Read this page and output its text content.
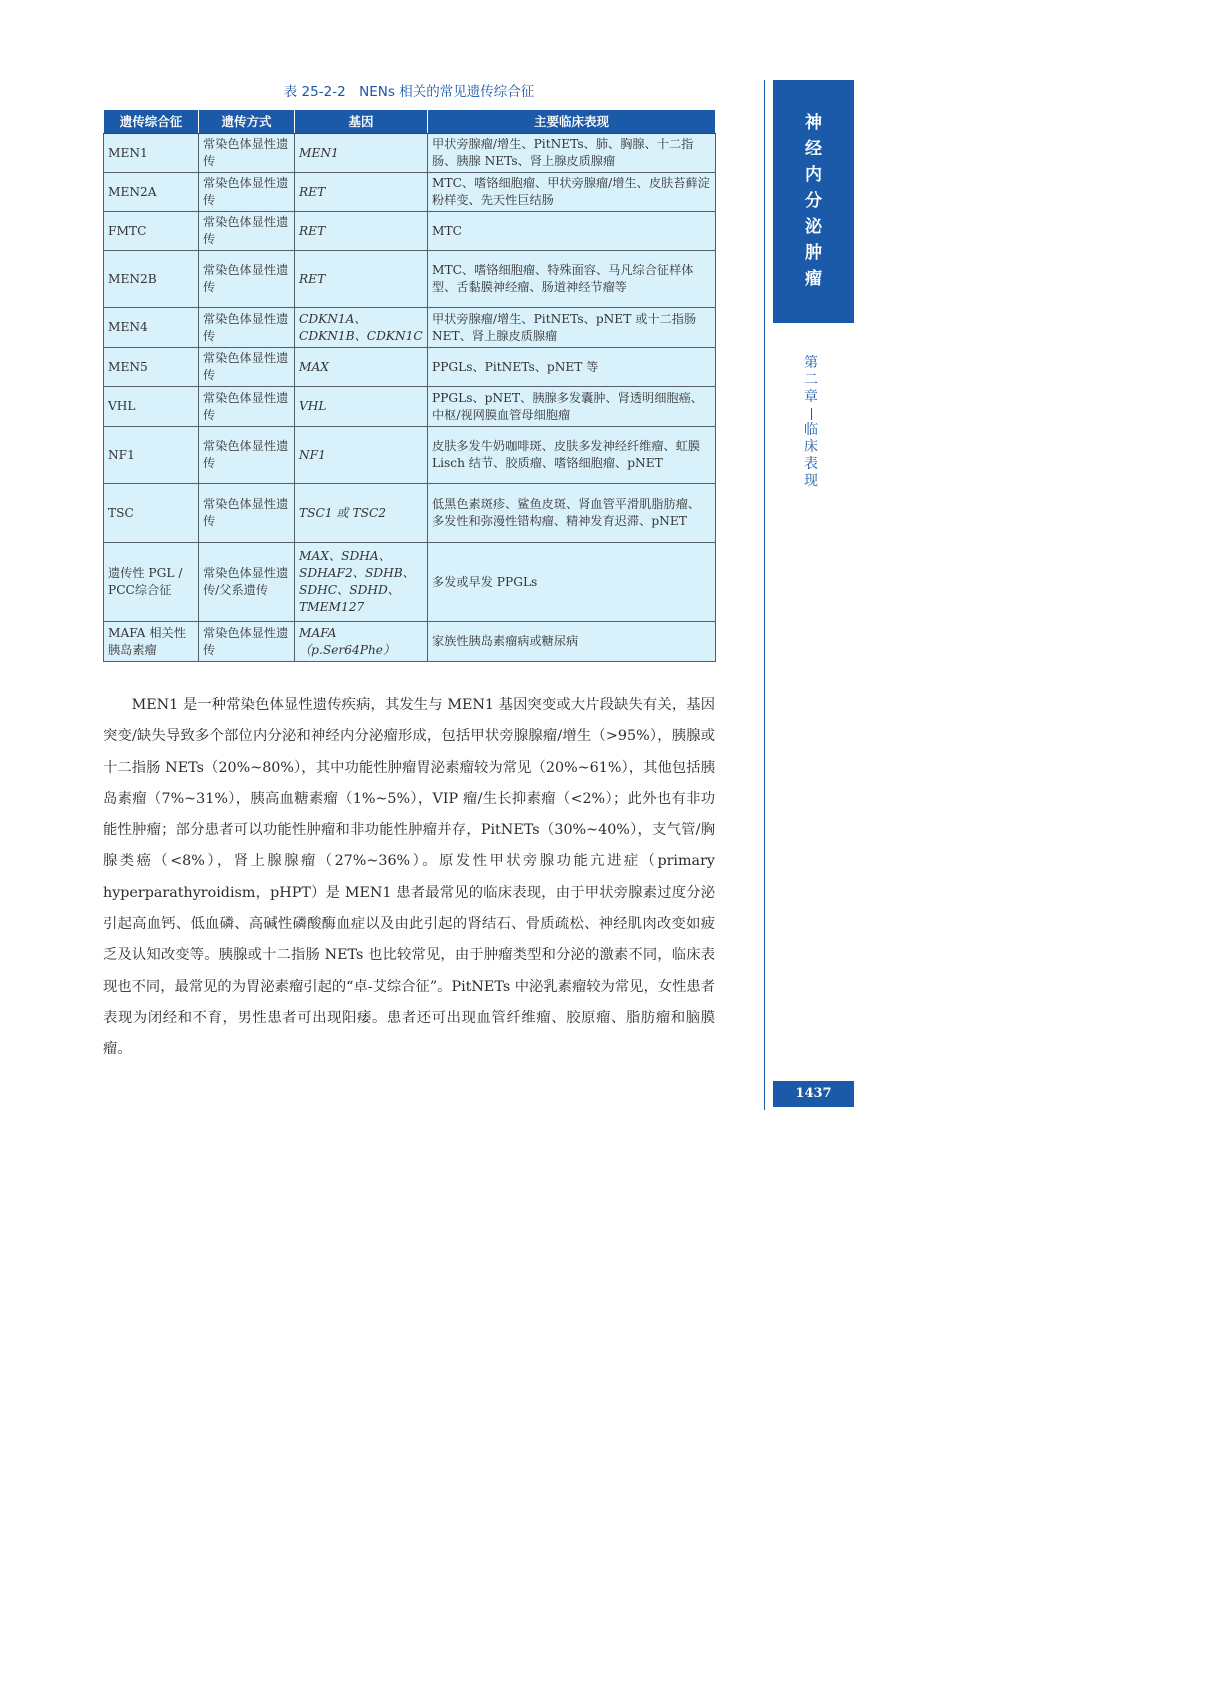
表 25-2-2　NENs 相关的常见遗传综合征
遗传综合征	遗传方式	基因	主要临床表现
MEN1	常染色体显性遗传	MEN1	甲状旁腺瘤/增生、PitNETs、肺、胸腺、十二指肠、胰腺 NETs、肾上腺皮质腺瘤
MEN2A	常染色体显性遗传	RET	MTC、嗜铬细胞瘤、甲状旁腺瘤/增生、皮肤苔藓淀粉样变、先天性巨结肠
FMTC	常染色体显性遗传	RET	MTC
MEN2B	常染色体显性遗传	RET	MTC、嗜铬细胞瘤、特殊面容、马凡综合征样体型、舌黏膜神经瘤、肠道神经节瘤等
MEN4	常染色体显性遗传	CDKN1A、CDKN1B、CDKN1C	甲状旁腺瘤/增生、PitNETs、pNET 或十二指肠 NET、肾上腺皮质腺瘤
MEN5	常染色体显性遗传	MAX	PPGLs、PitNETs、pNET 等
VHL	常染色体显性遗传	VHL	PPGLs、pNET、胰腺多发囊肿、肾透明细胞癌、中枢/视网膜血管母细胞瘤
NF1	常染色体显性遗传	NF1	皮肤多发牛奶咖啡斑、皮肤多发神经纤维瘤、虹膜 Lisch 结节、胶质瘤、嗜铬细胞瘤、pNET
TSC	常染色体显性遗传	TSC1 或 TSC2	低黑色素斑疹、鲨鱼皮斑、肾血管平滑肌脂肪瘤、多发性和弥漫性错构瘤、精神发育迟滞、pNET
遗传性 PGL / PCC综合征	常染色体显性遗传/父系遗传	MAX、SDHA、SDHAF2、SDHB、SDHC、SDHD、TMEM127	多发或早发 PPGLs
MAFA 相关性胰岛素瘤	常染色体显性遗传	MAFA（p.Ser64Phe）	家族性胰岛素瘤病或糖尿病

MEN1 是一种常染色体显性遗传疾病，其发生与 MEN1 基因突变或大片段缺失有关，基因突变/缺失导致多个部位内分泌和神经内分泌瘤形成，包括甲状旁腺腺瘤/增生（>95%），胰腺或十二指肠 NETs（20%~80%），其中功能性肿瘤胃泌素瘤较为常见（20%~61%），其他包括胰岛素瘤（7%~31%），胰高血糖素瘤（1%~5%），VIP 瘤/生长抑素瘤（<2%）；此外也有非功能性肿瘤；部分患者可以功能性肿瘤和非功能性肿瘤并存，PitNETs（30%~40%），支气管/胸腺类癌（<8%），肾上腺腺瘤（27%~36%）。原发性甲状旁腺功能亢进症（primary hyperparathyroidism，pHPT）是 MEN1 患者最常见的临床表现，由于甲状旁腺素过度分泌引起高血钙、低血磷、高碱性磷酸酶血症以及由此引起的肾结石、骨质疏松、神经肌肉改变如疲乏及认知改变等。胰腺或十二指肠 NETs 也比较常见，由于肿瘤类型和分泌的激素不同，临床表现也不同，最常见的为胃泌素瘤引起的“卓-艾综合征”。PitNETs 中泌乳素瘤较为常见，女性患者表现为闭经和不育，男性患者可出现阳痿。患者还可出现血管纤维瘤、胶原瘤、脂肪瘤和脑膜瘤。

神
经
内
分
泌
肿
瘤
第
二
章
临
床
表
现
1437
